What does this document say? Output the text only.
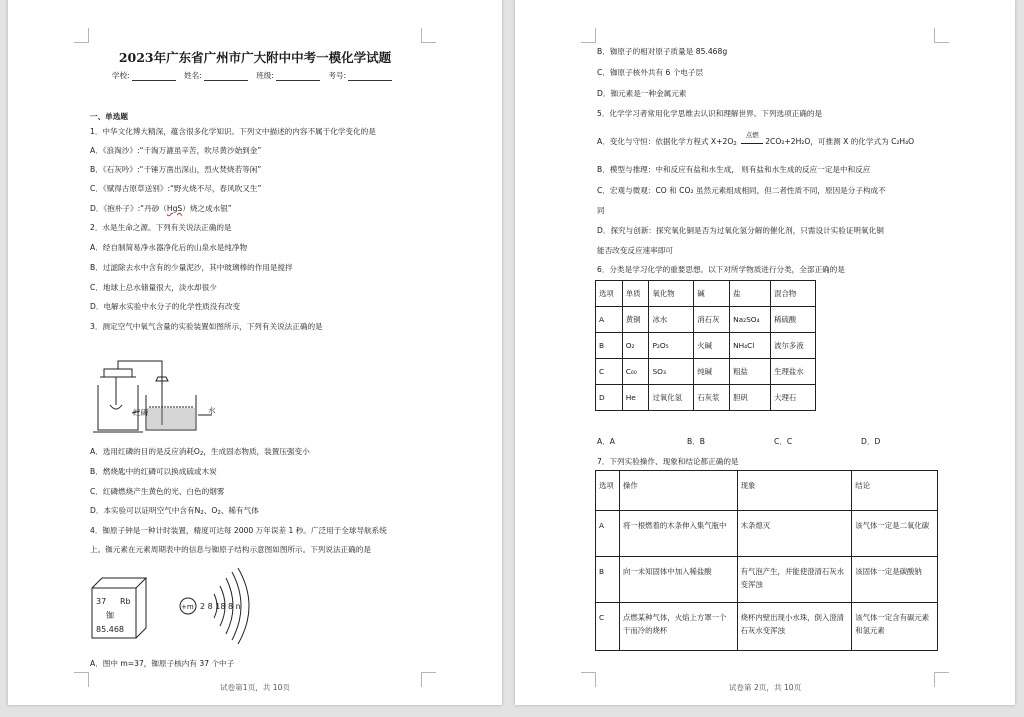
2023年广东省广州市广大附中中考一模化学试题
学校:	姓名:	班级:	考号:
一、单选题
1．中华文化博大精深，蕴含很多化学知识。下列文中描述的内容不属于化学变化的是
A．《浪淘沙》:“千淘万漉虽辛苦，吹尽黄沙始到金”
B．《石灰吟》:“千锤万凿出深山，烈火焚烧若等闲”
C．《赋得古原草送别》:“野火烧不尽，春风吹又生”
D．《抱朴子》:“丹砂（HgS）烧之成水银”
2．水是生命之源。下列有关说法正确的是
A．经自制简易净水器净化后的山泉水是纯净物
B．过滤除去水中含有的少量泥沙，其中玻璃棒的作用是搅拌
C．地球上总水储量很大，淡水却很少
D．电解水实验中水分子的化学性质没有改变
3．测定空气中氧气含量的实验装置如图所示，下列有关说法正确的是
红磷	水
A．选用红磷的目的是反应消耗O2，生成固态物质，装置压强变小
B．燃烧匙中的红磷可以换成硫或木炭
C．红磷燃烧产生黄色的光、白色的烟雾
D．本实验可以证明空气中含有N2、O2、稀有气体
4．铷原子钟是一种计时装置，精度可达每 2000 万年误差 1 秒。广泛用于全球导航系统
上。铷元素在元素周期表中的信息与铷原子结构示意图如图所示。下列说法正确的是
37 Rb
铷
85.468
+m 2 8 18 8 n
A．图中 m=37，铷原子核内有 37 个中子
试卷第1页，共 10页
B．铷原子的相对原子质量是 85.468g
C．铷原子核外共有 6 个电子层
D．铷元素是一种金属元素
5．化学学习者常用化学思维去认识和理解世界。下列选项正确的是
A．变化与守恒：依据化学方程式 X+2O2
点燃
2CO₂+2H₂O，可推测 X 的化学式为 C₂H₄O
B．模型与推理：中和反应有盐和水生成， 则有盐和水生成的反应一定是中和反应
C．宏观与微观：CO 和 CO₂ 虽然元素组成相同，但二者性质不同，原因是分子构成不
同
D．探究与创新：探究氧化铜是否为过氧化氢分解的催化剂，只需设计实验证明氧化铜
能否改变反应速率即可
6．分类是学习化学的重要思想。以下对所学物质进行分类，全部正确的是
选项	单质	氧化物	碱	盐	混合物
A	黄铜	冰水	消石灰	Na₂SO₄	稀硫酸
B	O₂	P₂O₅	火碱	NH₄Cl	波尔多液
C	C₆₀	SO₃	纯碱	粗盐	生理盐水
D	He	过氧化氢	石灰浆	胆矾	大理石
A．A	B．B	C．C	D．D
7．下列实验操作、现象和结论都正确的是
选项	操作	现象	结论
A	将一根燃着的木条伸入集气瓶中	木条熄灭	该气体一定是二氧化碳
B	向一未知固体中加入稀盐酸	有气泡产生，并能使澄清石灰水变浑浊	该固体一定是碳酸钠
C	点燃某种气体，火焰上方罩一个干而冷的烧杯	烧杯内壁出现小水珠，倒入澄清石灰水变浑浊	该气体一定含有碳元素和氢元素
试卷第 2页，共 10页
